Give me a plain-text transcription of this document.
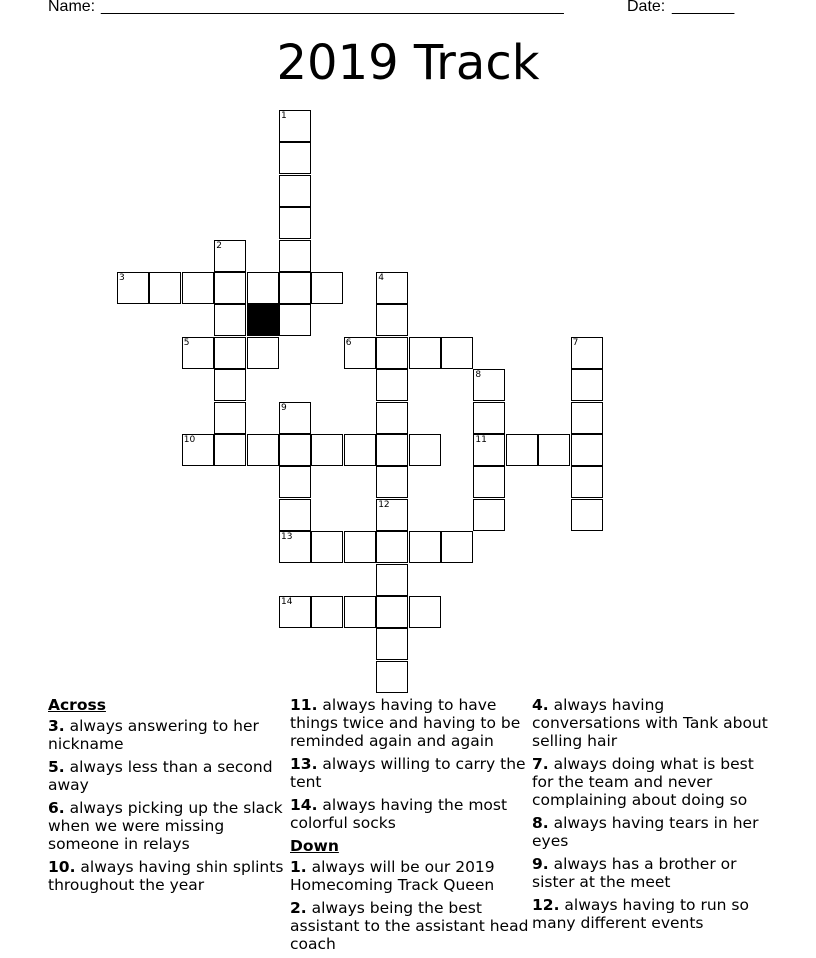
Name: ____________________________________________________	Date: _______
2019 Track
1
2
4
7
8
11
9
13
12
3
5	6
10
14
Across
3. always answering to her nickname
5. always less than a second away
6. always picking up the slack when we were missing someone in relays
10. always having shin splints throughout the year
11. always having to have things twice and having to be reminded again and again
13. always willing to carry the tent
14. always having the most colorful socks
Down
1. always will be our 2019 Homecoming Track Queen
2. always being the best assistant to the assistant head coach
4. always having conversations with Tank about selling hair
7. always doing what is best for the team and never complaining about doing so
8. always having tears in her eyes
9. always has a brother or sister at the meet
12. always having to run so many different events
